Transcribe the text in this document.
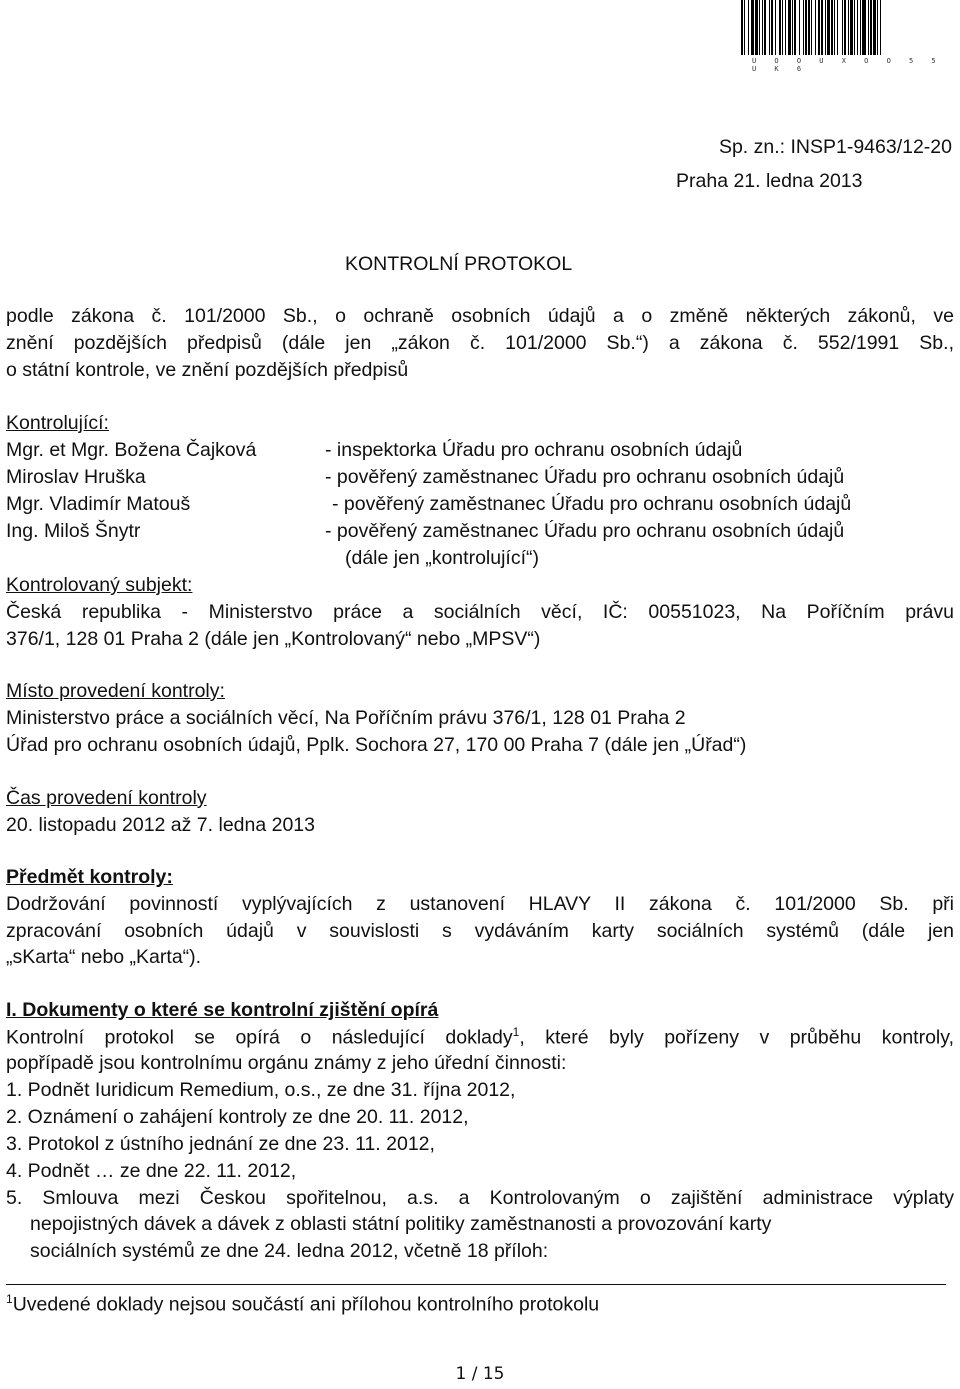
U O O U X O O 5 5 U K 6
Sp. zn.: INSP1-9463/12-20
Praha 21. ledna 2013
KONTROLNÍ PROTOKOL
podle zákona č. 101/2000 Sb., o ochraně osobních údajů a o změně některých zákonů, ve
znění pozdějších předpisů (dále jen „zákon č. 101/2000 Sb.“) a zákona č. 552/1991 Sb.,
o státní kontrole, ve znění pozdějších předpisů
Kontrolující:
Mgr. et Mgr. Božena Čajková	- inspektorka Úřadu pro ochranu osobních údajů
Miroslav Hruška	- pověřený zaměstnanec Úřadu pro ochranu osobních údajů
Mgr. Vladimír Matouš	- pověřený zaměstnanec Úřadu pro ochranu osobních údajů
Ing. Miloš Šnytr	- pověřený zaměstnanec Úřadu pro ochranu osobních údajů
(dále jen „kontrolující“)
Kontrolovaný subjekt:
Česká republika - Ministerstvo práce a sociálních věcí, IČ: 00551023, Na Poříčním právu
376/1, 128 01 Praha 2 (dále jen „Kontrolovaný“ nebo „MPSV“)
Místo provedení kontroly:
Ministerstvo práce a sociálních věcí, Na Poříčním právu 376/1, 128 01 Praha 2
Úřad pro ochranu osobních údajů, Pplk. Sochora 27, 170 00 Praha 7 (dále jen „Úřad“)
Čas provedení kontroly
20. listopadu 2012 až 7. ledna 2013
Předmět kontroly:
Dodržování povinností vyplývajících z ustanovení HLAVY II zákona č. 101/2000 Sb. při
zpracování osobních údajů v souvislosti s vydáváním karty sociálních systémů (dále jen
„sKarta“ nebo „Karta“).
I. Dokumenty o které se kontrolní zjištění opírá
Kontrolní protokol se opírá o následující doklady$^1$, které byly pořízeny v průběhu kontroly,
popřípadě jsou kontrolnímu orgánu známy z jeho úřední činnosti:
1. Podnět Iuridicum Remedium, o.s., ze dne 31. října 2012,
2. Oznámení o zahájení kontroly ze dne 20. 11. 2012,
3. Protokol z ústního jednání ze dne 23. 11. 2012,
4. Podnět … ze dne 22. 11. 2012,
5. Smlouva mezi Českou spořitelnou, a.s. a Kontrolovaným o zajištění administrace výplaty
nepojistných dávek a dávek z oblasti státní politiky zaměstnanosti a provozování karty
sociálních systémů ze dne 24. ledna 2012, včetně 18 příloh:
$^1$Uvedené doklady nejsou součástí ani přílohou kontrolního protokolu
1 / 15
